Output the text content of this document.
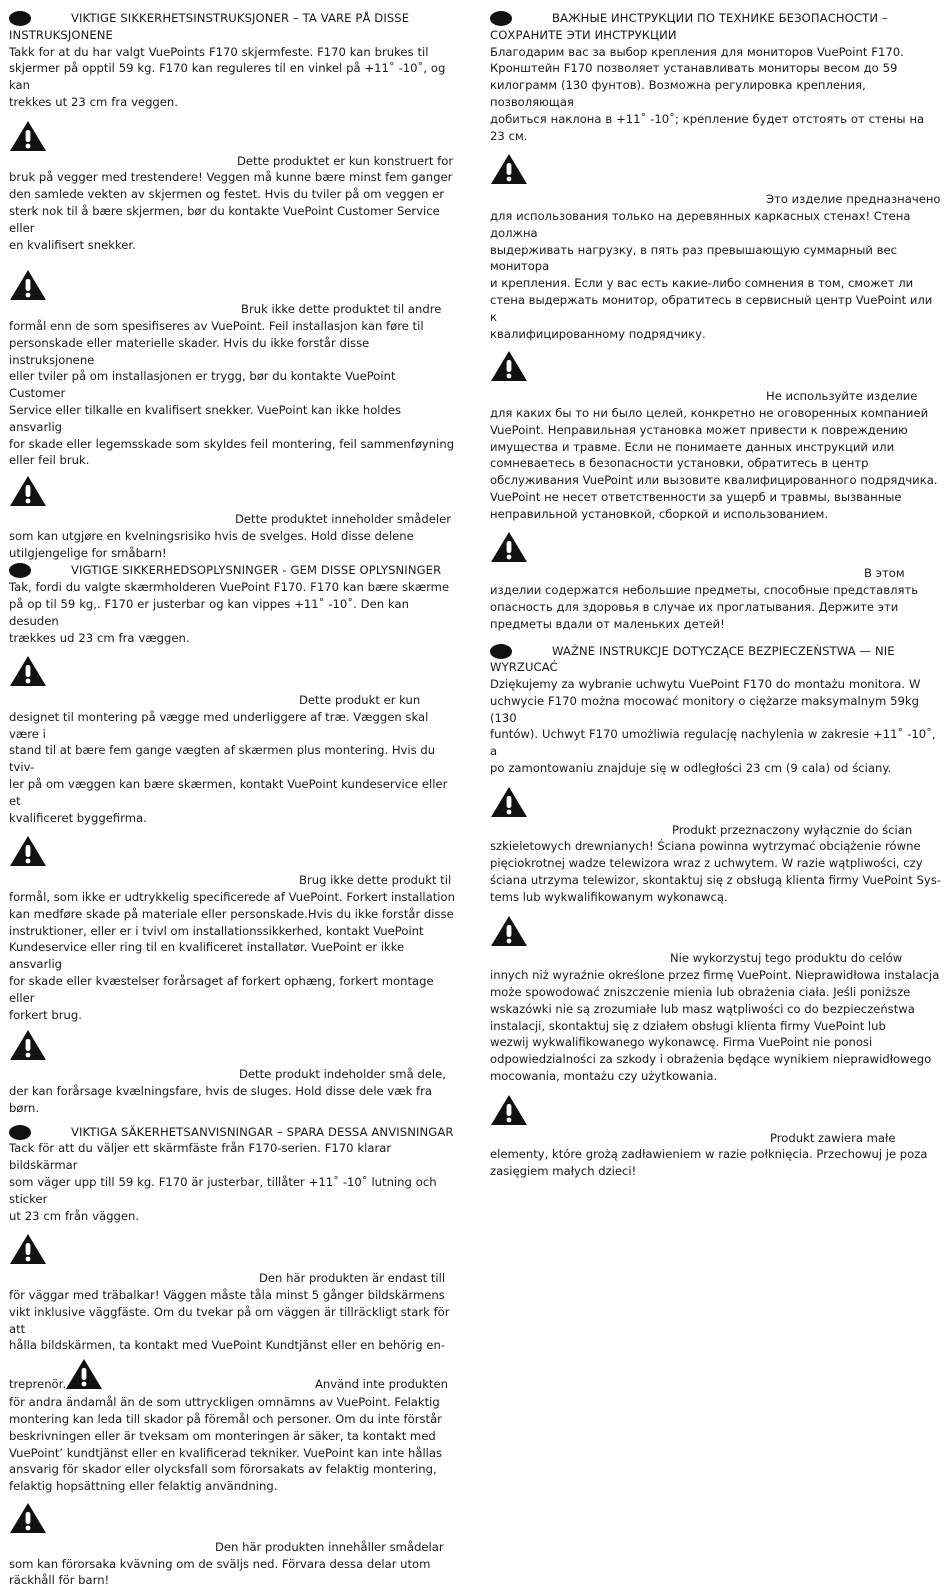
VIKTIGE SIKKERHETSINSTRUKSJONER – TA VARE PÅ DISSE
INSTRUKSJONENE

Takk for at du har valgt VuePoints F170 skjermfeste. F170 kan brukes til
skjermer på opptil 59 kg. F170 kan reguleres til en vinkel på +11˚ -10˚, og kan
trekkes ut 23 cm fra veggen.

Dette produktet er kun konstruert for
bruk på vegger med trestendere! Veggen må kunne bære minst fem ganger
den samlede vekten av skjermen og festet. Hvis du tviler på om veggen er
sterk nok til å bære skjermen, bør du kontakte VuePoint Customer Service eller
en kvalifisert snekker.

Bruk ikke dette produktet til andre
formål enn de som spesifiseres av VuePoint. Feil installasjon kan føre til
personskade eller materielle skader. Hvis du ikke forstår disse instruksjonene
eller tviler på om installasjonen er trygg, bør du kontakte VuePoint Customer
Service eller tilkalle en kvalifisert snekker. VuePoint kan ikke holdes ansvarlig
for skade eller legemsskade som skyldes feil montering, feil sammenføyning
eller feil bruk.

Dette produktet inneholder smådeler
som kan utgjøre en kvelningsrisiko hvis de svelges. Hold disse delene
utilgjengelige for småbarn!

VIGTIGE SIKKERHEDSOPLYSNINGER - GEM DISSE OPLYSNINGER

Tak, fordi du valgte skærmholderen VuePoint F170. F170 kan bære skærme
på op til 59 kg,. F170 er justerbar og kan vippes +11˚ -10˚. Den kan desuden
trækkes ud 23 cm fra væggen.

Dette produkt er kun
designet til montering på vægge med underliggere af træ. Væggen skal være i
stand til at bære fem gange vægten af skærmen plus montering. Hvis du tviv-
ler på om væggen kan bære skærmen, kontakt VuePoint kundeservice eller et
kvalificeret byggefirma.

Brug ikke dette produkt til
formål, som ikke er udtrykkelig specificerede af VuePoint. Forkert installation
kan medføre skade på materiale eller personskade.Hvis du ikke forstår disse
instruktioner, eller er i tvivl om installationssikkerhed, kontakt VuePoint
Kundeservice eller ring til en kvalificeret installatør. VuePoint er ikke ansvarlig
for skade eller kvæstelser forårsaget af forkert ophæng, forkert montage eller
forkert brug.

Dette produkt indeholder små dele,
der kan forårsage kvælningsfare, hvis de sluges. Hold disse dele væk fra børn.

VIKTIGA SÄKERHETSANVISNINGAR – SPARA DESSA ANVISNINGAR

Tack för att du väljer ett skärmfäste från F170-serien. F170 klarar bildskärmar
som väger upp till 59 kg. F170 är justerbar, tillåter +11˚ -10˚ lutning och sticker
ut 23 cm från väggen.

Den här produkten är endast till
för väggar med träbalkar! Väggen måste tåla minst 5 gånger bildskärmens
vikt inklusive väggfäste. Om du tvekar på om väggen är tillräckligt stark för att
hålla bildskärmen, ta kontakt med VuePoint Kundtjänst eller en behörig en-

treprenör.	Använd inte produkten

för andra ändamål än de som uttryckligen omnämns av VuePoint. Felaktig
montering kan leda till skador på föremål och personer. Om du inte förstår
beskrivningen eller är tveksam om monteringen är säker, ta kontakt med
VuePoint’ kundtjänst eller en kvalificerad tekniker. VuePoint kan inte hållas
ansvarig för skador eller olycksfall som förorsakats av felaktig montering,
felaktig hopsättning eller felaktig användning.

Den här produkten innehåller smådelar
som kan förorsaka kvävning om de sväljs ned. Förvara dessa delar utom
räckhåll för barn!

ВАЖНЫЕ ИНСТРУКЦИИ ПО ТЕХНИКЕ БЕЗОПАСНОСТИ –
СОХРАНИТЕ ЭТИ ИНСТРУКЦИИ

Благодарим вас за выбор крепления для мониторов VuePoint F170.
Кронштейн F170 позволяет устанавливать мониторы весом до 59
килограмм (130 фунтов). Возможна регулировка крепления, позволяющая
добиться наклона в +11˚ -10˚; крепление будет отстоять от стены на 23 см.

Это изделие предназначено
для использования только на деревянных каркасных стенах! Стена должна
выдерживать нагрузку, в пять раз превышающую суммарный вес монитора
и крепления. Если у вас есть какие-либо сомнения в том, сможет ли
стена выдержать монитор, обратитесь в сервисный центр VuePoint или к
квалифицированному подрядчику.

Не используйте изделие
для каких бы то ни было целей, конкретно не оговоренных компанией
VuePoint. Неправильная установка может привести к повреждению
имущества и травме. Если не понимаете данных инструкций или
сомневаетесь в безопасности установки, обратитесь в центр
обслуживания VuePoint или вызовите квалифицированного подрядчика.
VuePoint не несет ответственности за ущерб и травмы, вызванные
неправильной установкой, сборкой и использованием.

В этом
изделии содержатся небольшие предметы, способные представлять
опасность для здоровья в случае их проглатывания. Держите эти
предметы вдали от маленьких детей!

WAŻNE INSTRUKCJE DOTYCZĄCE BEZPIECZEŃSTWA — NIE
WYRZUCAĆ

Dziękujemy za wybranie uchwytu VuePoint F170 do montażu monitora. W
uchwycie F170 można mocować monitory o ciężarze maksymalnym 59kg (130
funtów). Uchwyt F170 umożliwia regulację nachylenia w zakresie +11˚ -10˚, a
po zamontowaniu znajduje się w odległości 23 cm (9 cala) od ściany.

Produkt przeznaczony wyłącznie do ścian
szkieletowych drewnianych! Ściana powinna wytrzymać obciążenie równe
pięciokrotnej wadze telewizora wraz z uchwytem. W razie wątpliwości, czy
ściana utrzyma telewizor, skontaktuj się z obsługą klienta firmy VuePoint Sys-
tems lub wykwalifikowanym wykonawcą.

Nie wykorzystuj tego produktu do celów
innych niż wyraźnie określone przez firmę VuePoint. Nieprawidłowa instalacja
może spowodować zniszczenie mienia lub obrażenia ciała. Jeśli poniższe
wskazówki nie są zrozumiałe lub masz wątpliwości co do bezpieczeństwa
instalacji, skontaktuj się z działem obsługi klienta firmy VuePoint lub
wezwij wykwalifikowanego wykonawcę. Firma VuePoint nie ponosi
odpowiedzialności za szkody i obrażenia będące wynikiem nieprawidłowego
mocowania, montażu czy użytkowania.

Produkt zawiera małe
elementy, które grożą zadławieniem w razie połknięcia. Przechowuj je poza
zasięgiem małych dzieci!
